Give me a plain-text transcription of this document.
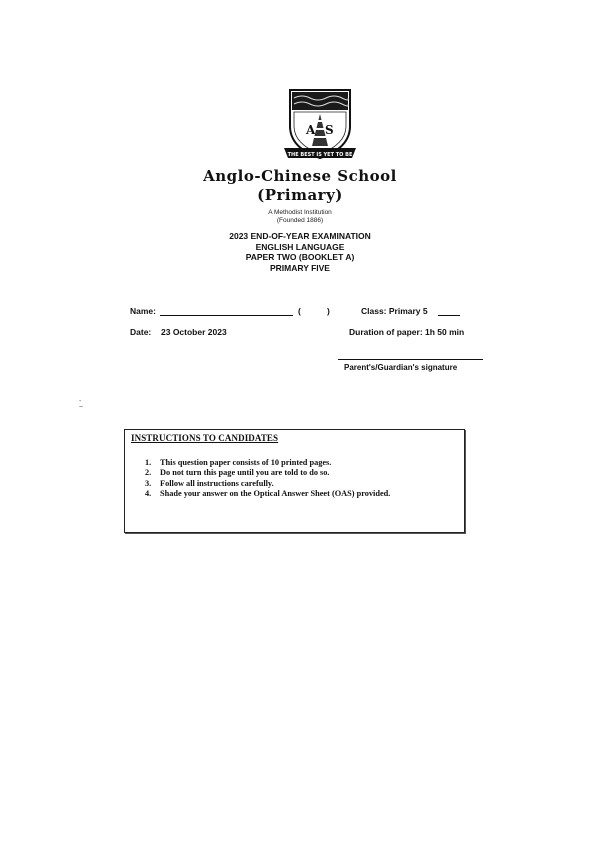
A S
THE BEST IS YET TO BE
Anglo-Chinese School
(Primary)
A Methodist Institution
(Founded 1886)
2023 END-OF-YEAR EXAMINATION
ENGLISH LANGUAGE
PAPER TWO (BOOKLET A)
PRIMARY FIVE
Name:	(	)	Class: Primary 5
Date: 23 October 2023	Duration of paper: 1h 50 min
Parent's/Guardian's signature
-
~
INSTRUCTIONS TO CANDIDATES
1. This question paper consists of 10 printed pages.
2. Do not turn this page until you are told to do so.
3. Follow all instructions carefully.
4. Shade your answer on the Optical Answer Sheet (OAS) provided.
